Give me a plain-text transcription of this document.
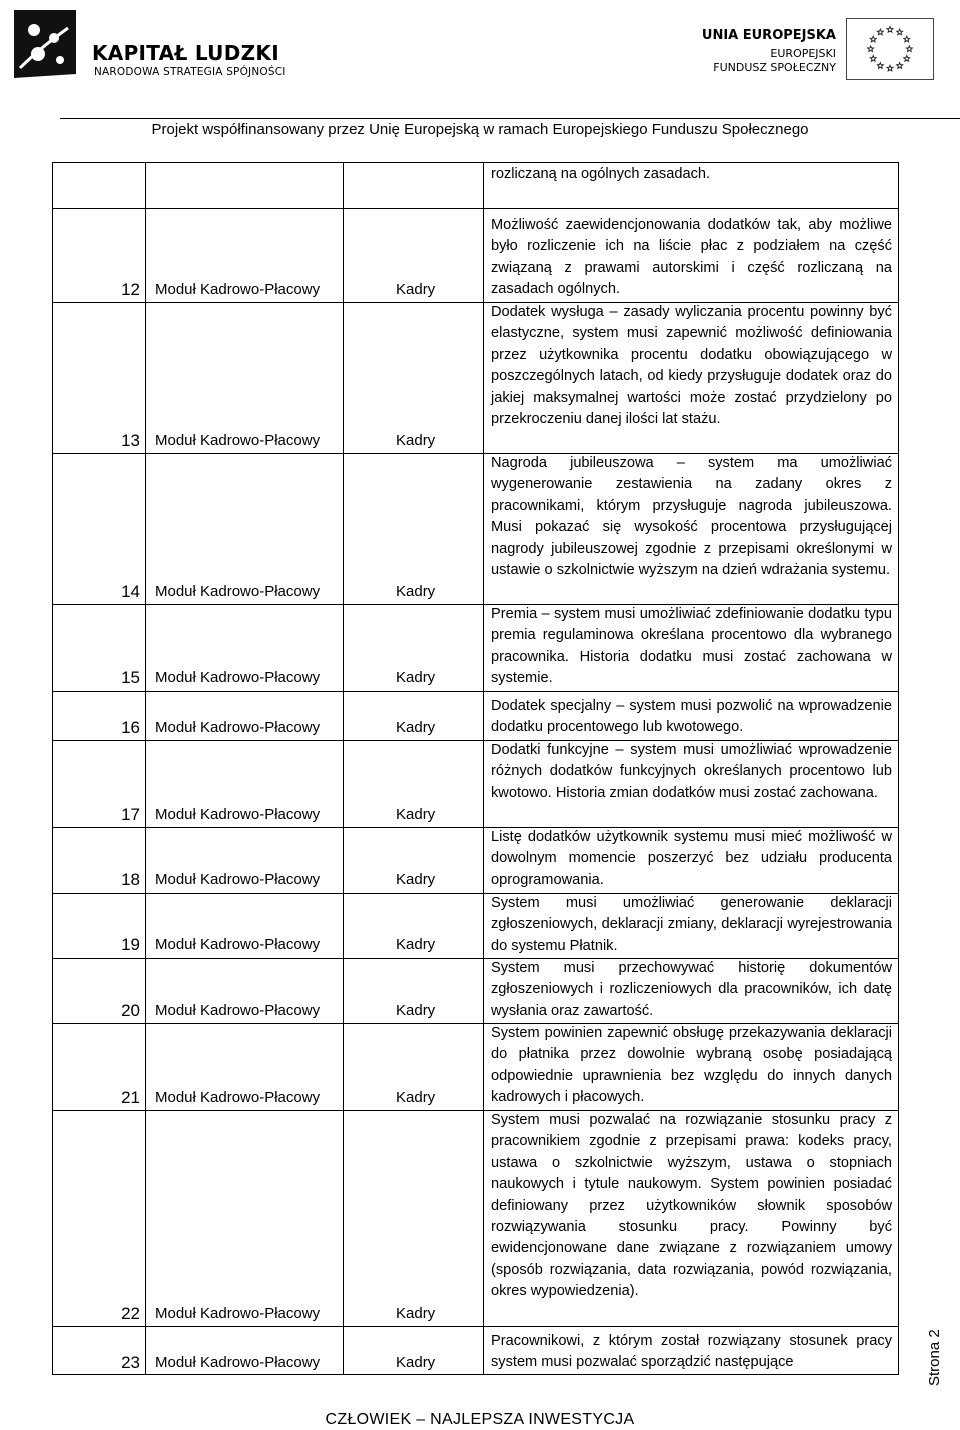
KAPITAŁ LUDZKI
NARODOWA STRATEGIA SPÓJNOŚCI
UNIA EUROPEJSKA
EUROPEJSKI
FUNDUSZ SPOŁECZNY
Projekt współfinansowany przez Unię Europejską w ramach Europejskiego Funduszu Społecznego

rozliczaną na ogólnych zasadach.

12 Moduł Kadrowo-Płacowy	Kadry

Możliwość zaewidencjonowania dodatków tak, aby możliwe było rozliczenie ich na liście płac z podziałem na część związaną z prawami autorskimi i część rozliczaną na zasadach ogólnych.

13 Moduł Kadrowo-Płacowy	Kadry

Dodatek wysługa – zasady wyliczania procentu powinny być elastyczne, system musi zapewnić możliwość definiowania przez użytkownika procentu dodatku obowiązującego w poszczególnych latach, od kiedy przysługuje dodatek oraz do jakiej maksymalnej wartości może zostać przydzielony po przekroczeniu danej ilości lat stażu.

14 Moduł Kadrowo-Płacowy	Kadry

Nagroda jubileuszowa – system ma umożliwiać wygenerowanie zestawienia na zadany okres z pracownikami, którym przysługuje nagroda jubileuszowa. Musi pokazać się wysokość procentowa przysługującej nagrody jubileuszowej zgodnie z przepisami określonymi w ustawie o szkolnictwie wyższym na dzień wdrażania systemu.

15 Moduł Kadrowo-Płacowy	Kadry

Premia – system musi umożliwiać zdefiniowanie dodatku typu premia regulaminowa określana procentowo dla wybranego pracownika. Historia dodatku musi zostać zachowana w systemie.

16 Moduł Kadrowo-Płacowy	Kadry

Dodatek specjalny – system musi pozwolić na wprowadzenie dodatku procentowego lub kwotowego.

17 Moduł Kadrowo-Płacowy	Kadry

Dodatki funkcyjne – system musi umożliwiać wprowadzenie różnych dodatków funkcyjnych określanych procentowo lub kwotowo. Historia zmian dodatków musi zostać zachowana.

18 Moduł Kadrowo-Płacowy	Kadry

Listę dodatków użytkownik systemu musi mieć możliwość w dowolnym momencie poszerzyć bez udziału producenta oprogramowania.

19 Moduł Kadrowo-Płacowy	Kadry

System musi umożliwiać generowanie deklaracji zgłoszeniowych, deklaracji zmiany, deklaracji wyrejestrowania do systemu Płatnik.

20 Moduł Kadrowo-Płacowy	Kadry

System musi przechowywać historię dokumentów zgłoszeniowych i rozliczeniowych dla pracowników, ich datę wysłania oraz zawartość.

21 Moduł Kadrowo-Płacowy	Kadry

System powinien zapewnić obsługę przekazywania deklaracji do płatnika przez dowolnie wybraną osobę posiadającą odpowiednie uprawnienia bez względu do innych danych kadrowych i płacowych.

22 Moduł Kadrowo-Płacowy	Kadry

System musi pozwalać na rozwiązanie stosunku pracy z pracownikiem zgodnie z przepisami prawa: kodeks pracy, ustawa o szkolnictwie wyższym, ustawa o stopniach naukowych i tytule naukowym. System powinien posiadać definiowany przez użytkowników słownik sposobów rozwiązywania stosunku pracy. Powinny być ewidencjonowane dane związane z rozwiązaniem umowy (sposób rozwiązania, data rozwiązania, powód rozwiązania, okres wypowiedzenia).

23 Moduł Kadrowo-Płacowy	Kadry

Pracownikowi, z którym został rozwiązany stosunek pracy system musi pozwalać sporządzić następujące	Strona 2
CZŁOWIEK – NAJLEPSZA INWESTYCJA
